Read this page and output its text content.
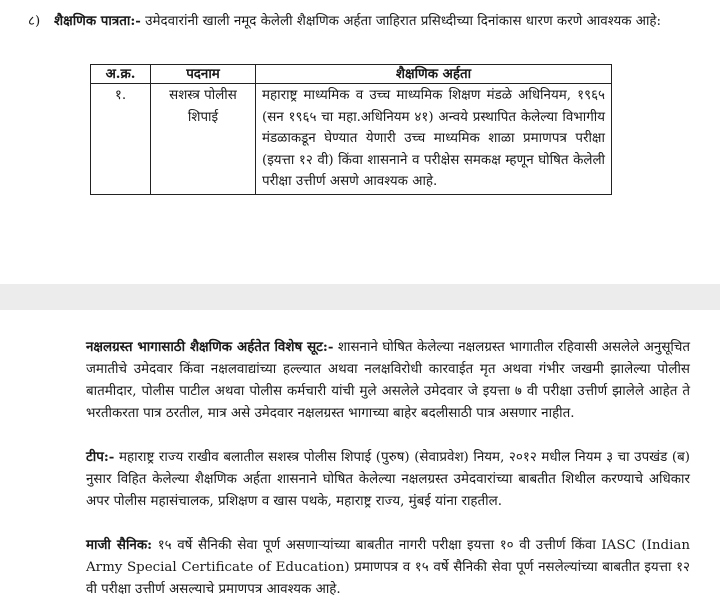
८) शैक्षणिक पात्रता:- उमेदवारांनी खाली नमूद केलेली शैक्षणिक अर्हता जाहिरात प्रसिध्दीच्या दिनांकास धारण करणे आवश्यक आहे:
अ.क्र.	पदनाम	शैक्षणिक अर्हता
१.	सशस्त्र पोलीस शिपाई	महाराष्ट्र माध्यमिक व उच्च माध्यमिक शिक्षण मंडळे अधिनियम, १९६५ (सन १९६५ चा महा.अधिनियम ४१) अन्वये प्रस्थापित केलेल्या विभागीय मंडळाकडून घेण्यात येणारी उच्च माध्यमिक शाळा प्रमाणपत्र परीक्षा (इयत्ता १२ वी) किंवा शासनाने व परीक्षेस समकक्ष म्हणून घोषित केलेली परीक्षा उत्तीर्ण असणे आवश्यक आहे.
नक्षलग्रस्त भागासाठी शैक्षणिक अर्हतेत विशेष सूट:- शासनाने घोषित केलेल्या नक्षलग्रस्त भागातील रहिवासी असलेले अनुसूचित जमातीचे उमेदवार किंवा नक्षलवाद्यांच्या हल्ल्यात अथवा नलक्षविरोधी कारवाईत मृत अथवा गंभीर जखमी झालेल्या पोलीस बातमीदार, पोलीस पाटील अथवा पोलीस कर्मचारी यांची मुले असलेले उमेदवार जे इयत्ता ७ वी परीक्षा उत्तीर्ण झालेले आहेत ते भरतीकरता पात्र ठरतील, मात्र असे उमेदवार नक्षलग्रस्त भागाच्या बाहेर बदलीसाठी पात्र असणार नाहीत.
टीप:- महाराष्ट्र राज्य राखीव बलातील सशस्त्र पोलीस शिपाई (पुरुष) (सेवाप्रवेश) नियम, २०१२ मधील नियम ३ चा उपखंड (ब) नुसार विहित केलेल्या शैक्षणिक अर्हता शासनाने घोषित केलेल्या नक्षलग्रस्त उमेदवारांच्या बाबतीत शिथील करण्याचे अधिकार अपर पोलीस महासंचालक, प्रशिक्षण व खास पथके, महाराष्ट्र राज्य, मुंबई यांना राहतील.
माजी सैनिक: १५ वर्षे सैनिकी सेवा पूर्ण असणाऱ्यांच्या बाबतीत नागरी परीक्षा इयत्ता १० वी उत्तीर्ण किंवा IASC (Indian Army Special Certificate of Education) प्रमाणपत्र व १५ वर्षे सैनिकी सेवा पूर्ण नसलेल्यांच्या बाबतीत इयत्ता १२ वी परीक्षा उत्तीर्ण असल्याचे प्रमाणपत्र आवश्यक आहे.
